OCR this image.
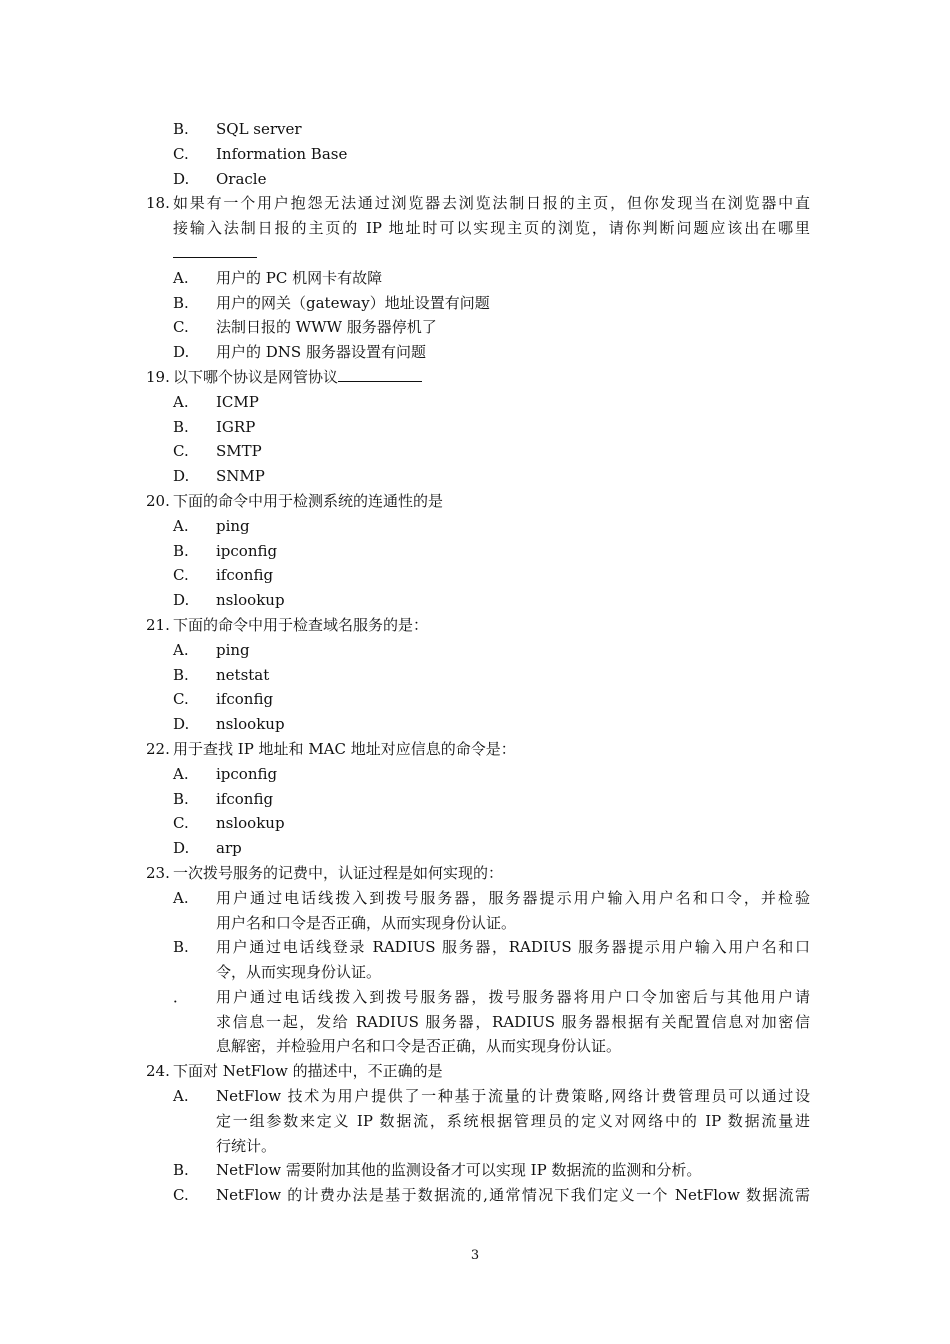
B. SQL server
C. Information Base
D. Oracle
18. 如果有一个用户抱怨无法通过浏览器去浏览法制日报的主页，但你发现当在浏览器中直
接输入法制日报的主页的 IP 地址时可以实现主页的浏览，请你判断问题应该出在哪里
A. 用户的 PC 机网卡有故障
B. 用户的网关（gateway）地址设置有问题
C. 法制日报的 WWW 服务器停机了
D. 用户的 DNS 服务器设置有问题
19. 以下哪个协议是网管协议
A. ICMP
B. IGRP
C. SMTP
D. SNMP
20. 下面的命令中用于检测系统的连通性的是
A. ping
B. ipconfig
C. ifconfig
D. nslookup
21. 下面的命令中用于检查域名服务的是：
A. ping
B. netstat
C. ifconfig
D. nslookup
22. 用于查找 IP 地址和 MAC 地址对应信息的命令是：
A. ipconfig
B. ifconfig
C. nslookup
D. arp
23. 一次拨号服务的记费中，认证过程是如何实现的：
A. 用户通过电话线拨入到拨号服务器，服务器提示用户输入用户名和口令，并检验
用户名和口令是否正确，从而实现身份认证。
B. 用户通过电话线登录 RADIUS 服务器，RADIUS 服务器提示用户输入用户名和口
令，从而实现身份认证。
． 用户通过电话线拨入到拨号服务器，拨号服务器将用户口令加密后与其他用户请
求信息一起，发给 RADIUS 服务器，RADIUS 服务器根据有关配置信息对加密信
息解密，并检验用户名和口令是否正确，从而实现身份认证。
24. 下面对 NetFlow 的描述中，不正确的是
A. NetFlow 技术为用户提供了一种基于流量的计费策略,网络计费管理员可以通过设
定一组参数来定义 IP 数据流，系统根据管理员的定义对网络中的 IP 数据流量进
行统计。
B. NetFlow 需要附加其他的监测设备才可以实现 IP 数据流的监测和分析。
C. NetFlow 的计费办法是基于数据流的,通常情况下我们定义一个 NetFlow 数据流需
3
